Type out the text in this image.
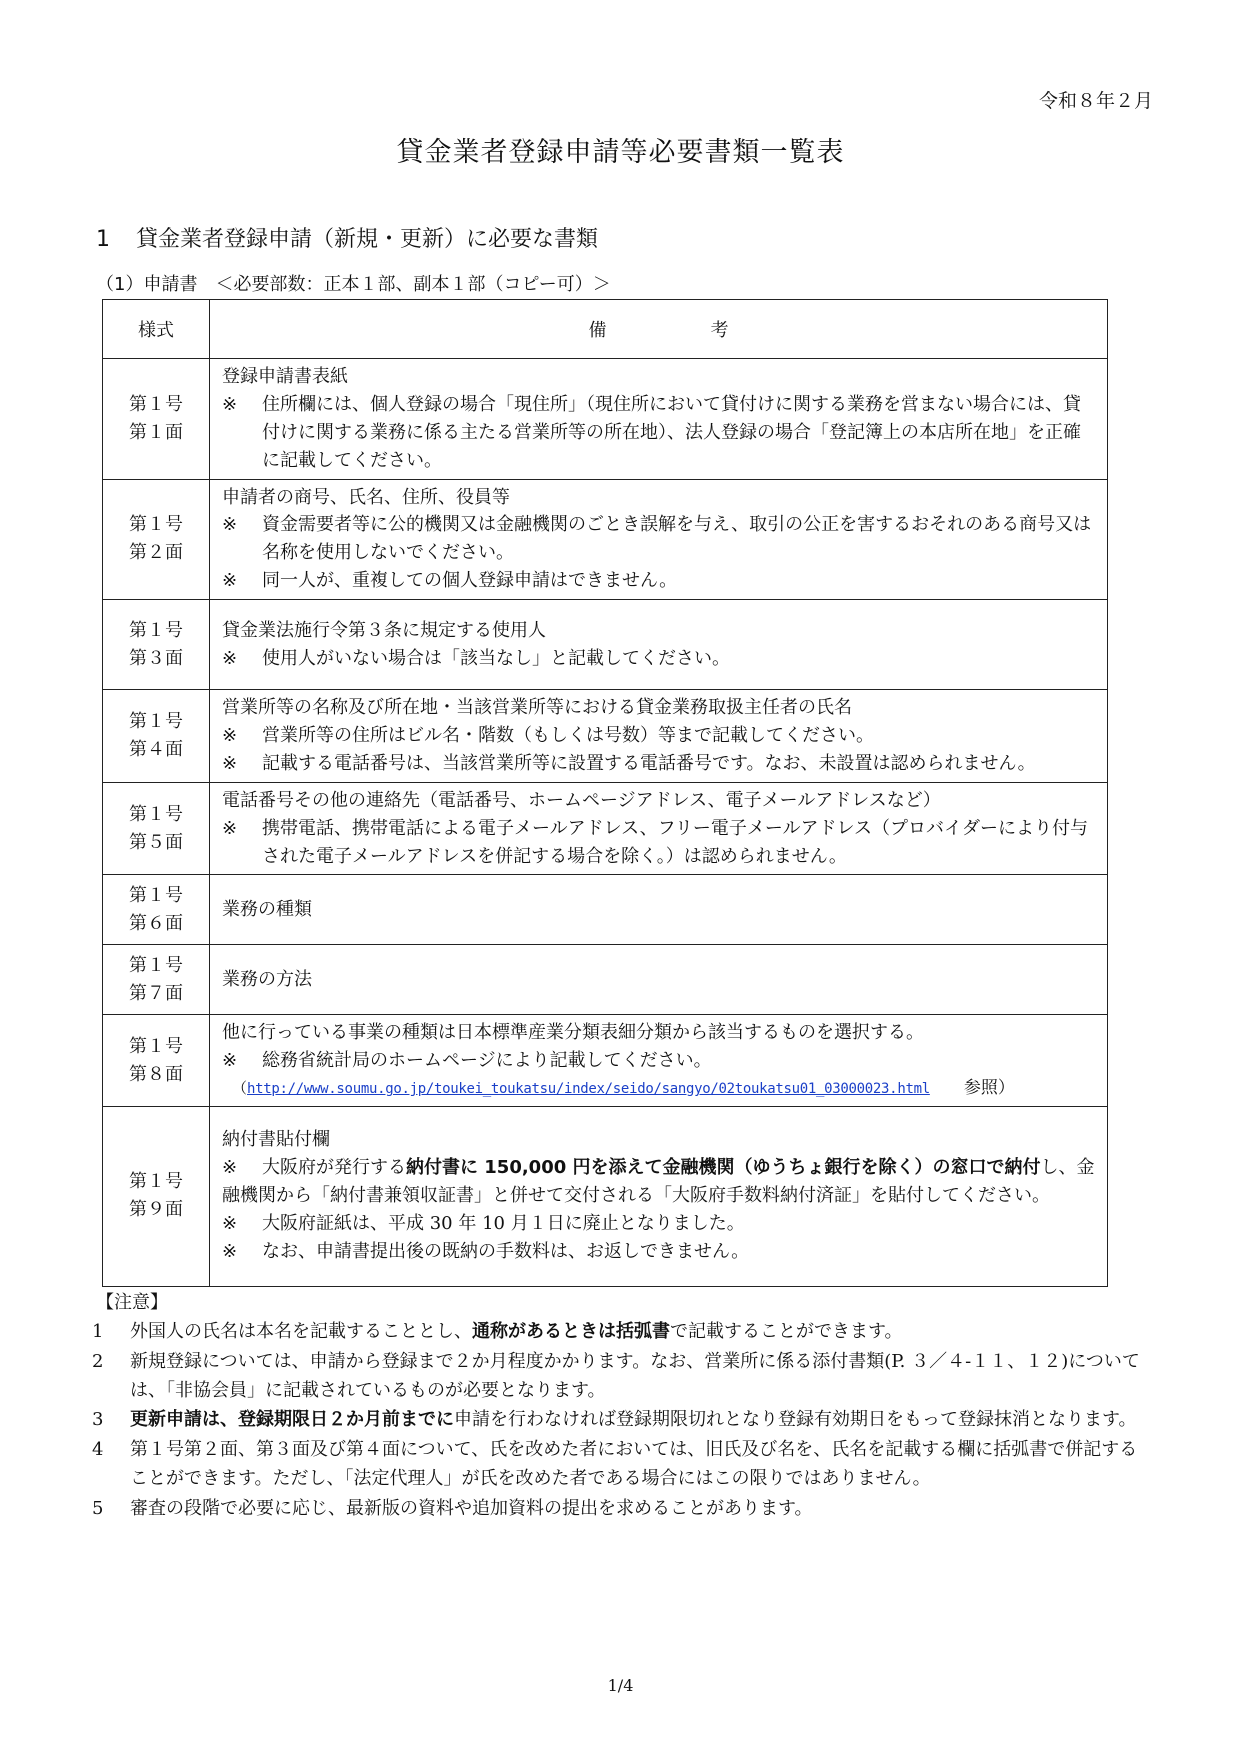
令和８年２月
貸金業者登録申請等必要書類一覧表
1 貸金業者登録申請（新規・更新）に必要な書類
（1）申請書　＜必要部数：正本１部、副本１部（コピー可）＞
様式	備考

第１号
第１面	登録申請書表紙
※ 住所欄には、個人登録の場合「現住所」（現住所において貸付けに関する業務を営まない場合には、貸付けに関する業務に係る主たる営業所等の所在地）、法人登録の場合「登記簿上の本店所在地」を正確に記載してください。

第１号
第２面	申請者の商号、氏名、住所、役員等
※ 資金需要者等に公的機関又は金融機関のごとき誤解を与え、取引の公正を害するおそれのある商号又は名称を使用しないでください。
※ 同一人が、重複しての個人登録申請はできません。

第１号
第３面	貸金業法施行令第３条に規定する使用人
※ 使用人がいない場合は「該当なし」と記載してください。

第１号
第４面	営業所等の名称及び所在地・当該営業所等における貸金業務取扱主任者の氏名
※ 営業所等の住所はビル名・階数（もしくは号数）等まで記載してください。
※ 記載する電話番号は、当該営業所等に設置する電話番号です。なお、未設置は認められません。

第１号
第５面	電話番号その他の連絡先（電話番号、ホームページアドレス、電子メールアドレスなど）
※ 携帯電話、携帯電話による電子メールアドレス、フリー電子メールアドレス（プロバイダーにより付与された電子メールアドレスを併記する場合を除く。）は認められません。

第１号
第６面	業務の種類

第１号
第７面	業務の方法

第１号
第８面	他に行っている事業の種類は日本標準産業分類表細分類から該当するものを選択する。
※ 総務省統計局のホームページにより記載してください。
（http://www.soumu.go.jp/toukei_toukatsu/index/seido/sangyo/02toukatsu01_03000023.html 参照）

第１号
第９面	納付書貼付欄
※ 大阪府が発行する納付書に 150,000 円を添えて金融機関（ゆうちょ銀行を除く）の窓口で納付し、金融機関から「納付書兼領収証書」と併せて交付される「大阪府手数料納付済証」を貼付してください。
※ 大阪府証紙は、平成 30 年 10 月１日に廃止となりました。
※ なお、申請書提出後の既納の手数料は、お返しできません。
【注意】
1 外国人の氏名は本名を記載することとし、通称があるときは括弧書で記載することができます。
2 新規登録については、申請から登録まで２か月程度かかります。なお、営業所に係る添付書類(P. ３／４-１１、１２)については、「非協会員」に記載されているものが必要となります。
3 更新申請は、登録期限日２か月前までに申請を行わなければ登録期限切れとなり登録有効期日をもって登録抹消となります。
4 第１号第２面、第３面及び第４面について、氏を改めた者においては、旧氏及び名を、氏名を記載する欄に括弧書で併記することができます。ただし、「法定代理人」が氏を改めた者である場合にはこの限りではありません。
5 審査の段階で必要に応じ、最新版の資料や追加資料の提出を求めることがあります。
1/4
